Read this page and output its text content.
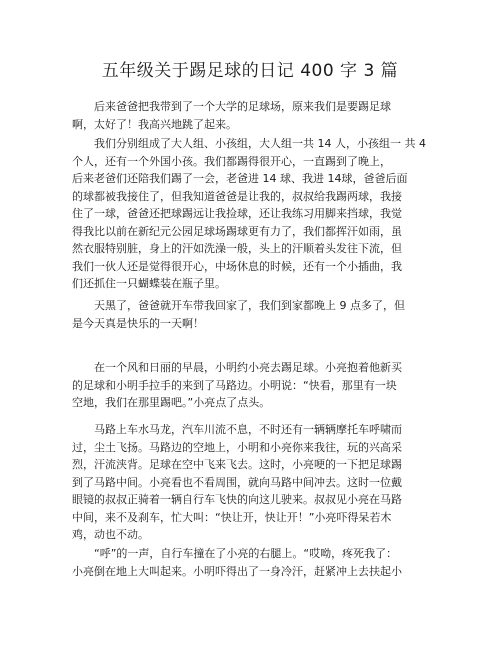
五年级关于踢足球的日记 400 字 3 篇

　　后来爸爸把我带到了一个大学的足球场，原来我们是要踢足球
啊，太好了！我高兴地跳了起来。

　　我们分别组成了大人组、小孩组，大人组一共 14 人，小孩组一 共 4
个人，还有一个外国小孩。我们都踢得很开心，一直踢到了晚上，
后来老爸们还陪我们踢了一会，老爸进 14 球、我进 14球，爸爸后面
的球都被我接住了，但我知道爸爸是让我的，叔叔给我踢两球，我接
住了一球，爸爸还把球踢远让我捡球，还让我练习用脚来挡球，我觉
得我比以前在新纪元公园足球场踢球更有力了，我们都挥汗如雨，虽
然衣服特别脏，身上的汗如洗澡一般，头上的汗顺着头发往下流，但
我们一伙人还是觉得很开心，中场休息的时候，还有一个小插曲，我
们还抓住一只蝴蝶装在瓶子里。

　　天黑了，爸爸就开车带我回家了，我们到家都晚上 9 点多了，但
是今天真是快乐的一天啊！

　　在一个风和日丽的早晨，小明约小亮去踢足球。小亮抱着他新买
的足球和小明手拉手的来到了马路边。小明说：“快看，那里有一块
空地，我们在那里踢吧。”小亮点了点头。

　　马路上车水马龙，汽车川流不息，不时还有一辆辆摩托车呼啸而
过，尘土飞扬。马路边的空地上，小明和小亮你来我往，玩的兴高采
烈，汗流浃背。足球在空中飞来飞去。这时，小亮哽的一下把足球踢
到了马路中间。小亮看也不看周围，就向马路中间冲去。这时一位戴
眼镜的叔叔正骑着一辆自行车飞快的向这儿驶来。叔叔见小亮在马路
中间，来不及刹车，忙大叫：“快让开，快让开！”小亮吓得呆若木
鸡，动也不动。

　　“呼”的一声，自行车撞在了小亮的右腿上。“哎呦，疼死我了：
小亮倒在地上大叫起来。小明吓得出了一身冷汗，赶紧冲上去扶起小
